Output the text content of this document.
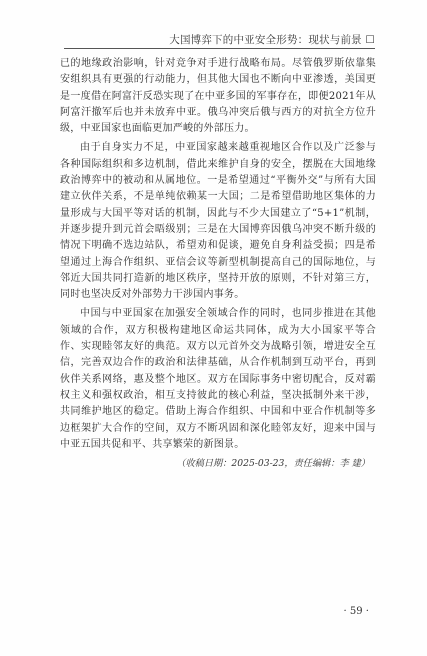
大国博弈下的中亚安全形势：现状与前景 ☐

已的地缘政治影响，针对竞争对手进行战略布局。尽管俄罗斯依靠集安组织具有更强的行动能力，但其他大国也不断向中亚渗透，美国更是一度借在阿富汗反恐实现了在中亚多国的军事存在，即便2021年从阿富汗撤军后也并未放弃中亚。俄乌冲突后俄与西方的对抗全方位升级，中亚国家也面临更加严峻的外部压力。

由于自身实力不足，中亚国家越来越重视地区合作以及广泛参与各种国际组织和多边机制，借此来维护自身的安全，摆脱在大国地缘政治博弈中的被动和从属地位。一是希望通过“平衡外交”与所有大国建立伙伴关系，不是单纯依赖某一大国；二是希望借助地区集体的力量形成与大国平等对话的机制，因此与不少大国建立了“5+1”机制，并逐步提升到元首会晤级别；三是在大国博弈因俄乌冲突不断升级的情况下明确不选边站队，希望劝和促谈，避免自身利益受损；四是希望通过上海合作组织、亚信会议等新型机制提高自己的国际地位，与邻近大国共同打造新的地区秩序，坚持开放的原则，不针对第三方，同时也坚决反对外部势力干涉国内事务。

中国与中亚国家在加强安全领域合作的同时，也同步推进在其他领域的合作，双方积极构建地区命运共同体，成为大小国家平等合作、实现睦邻友好的典范。双方以元首外交为战略引领，增进安全互信，完善双边合作的政治和法律基础，从合作机制到互动平台，再到伙伴关系网络，惠及整个地区。双方在国际事务中密切配合，反对霸权主义和强权政治，相互支持彼此的核心利益，坚决抵制外来干涉，共同维护地区的稳定。借助上海合作组织、中国和中亚合作机制等多边框架扩大合作的空间，双方不断巩固和深化睦邻友好，迎来中国与中亚五国共促和平、共享繁荣的新图景。

（收稿日期：2025-03-23，责任编辑：李 建）

· 59 ·
